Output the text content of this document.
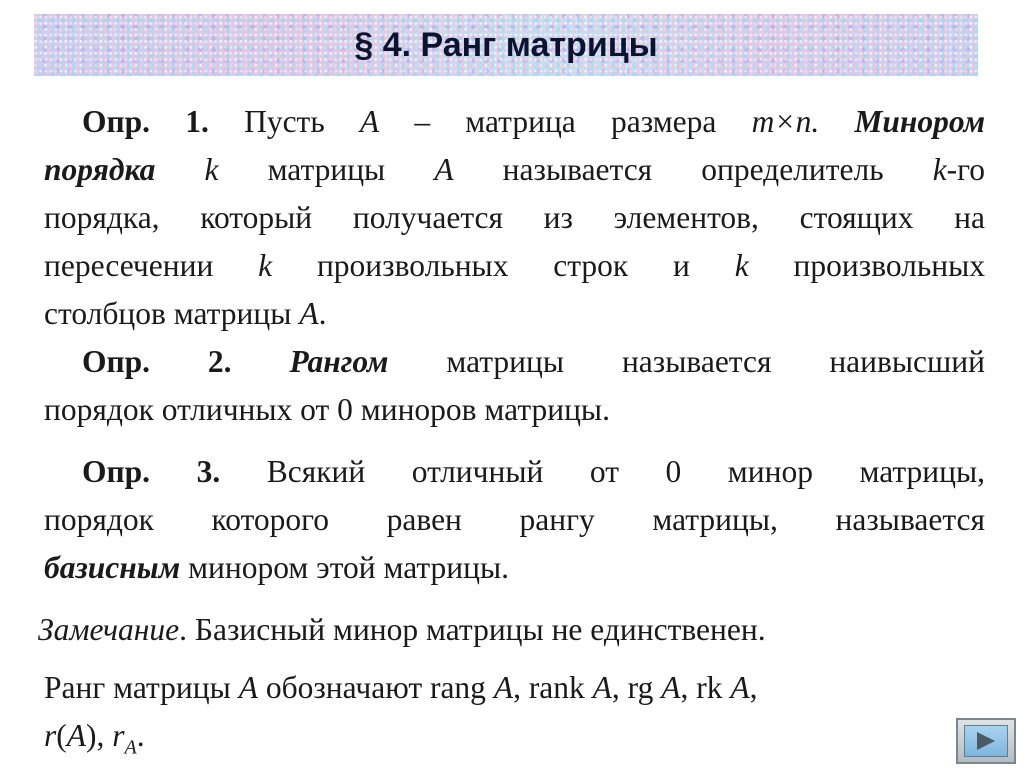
§ 4. Ранг матрицы
Опр. 1. Пусть A – матрица размера m×n. Минором
порядка k матрицы A называется определитель k-го
порядка, который получается из элементов, стоящих на
пересечении k произвольных строк и k произвольных
столбцов матрицы A.
Опр. 2. Рангом матрицы называется наивысший
порядок отличных от 0 миноров матрицы.
Опр. 3. Всякий отличный от 0 минор матрицы,
порядок которого равен рангу матрицы, называется
базисным минором этой матрицы.
Замечание. Базисный минор матрицы не единственен.
Ранг матрицы A обозначают rang A, rank A, rg A, rk A,
r(A), $r_A$.
